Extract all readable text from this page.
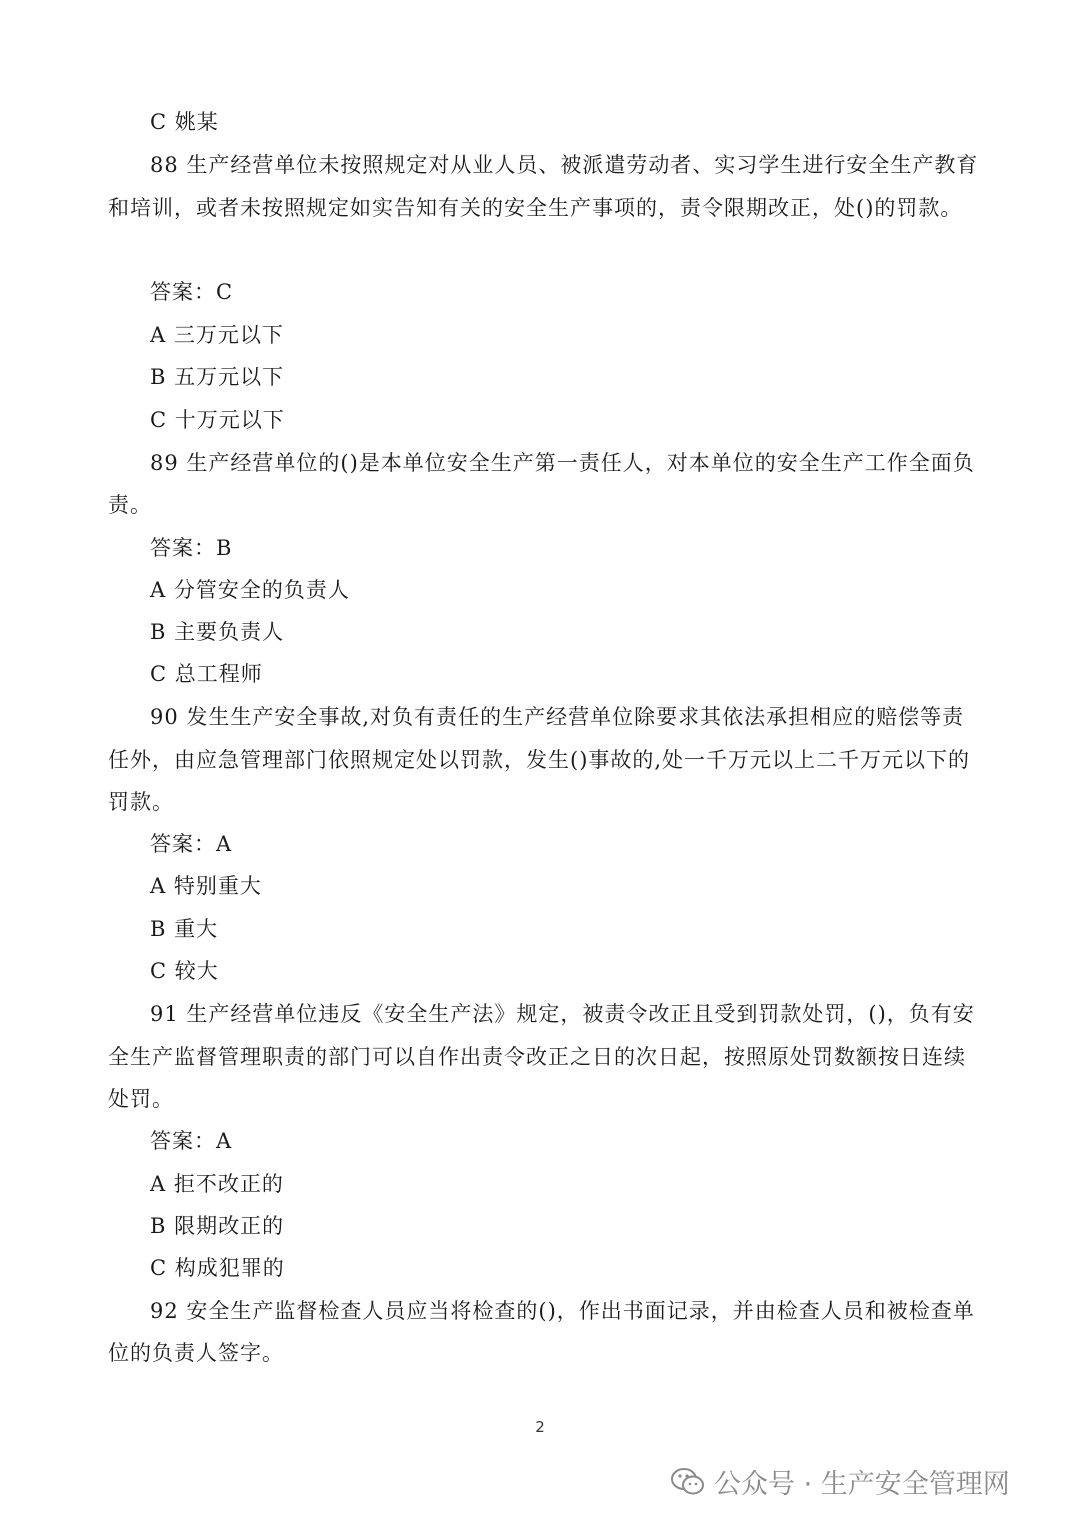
C 姚某
88 生产经营单位未按照规定对从业人员、被派遣劳动者、实习学生进行安全生产教育
和培训，或者未按照规定如实告知有关的安全生产事项的，责令限期改正，处()的罚款。
答案：C
A 三万元以下
B 五万元以下
C 十万元以下
89 生产经营单位的()是本单位安全生产第一责任人，对本单位的安全生产工作全面负
责。
答案：B
A 分管安全的负责人
B 主要负责人
C 总工程师
90 发生生产安全事故,对负有责任的生产经营单位除要求其依法承担相应的赔偿等责
任外，由应急管理部门依照规定处以罚款，发生()事故的,处一千万元以上二千万元以下的
罚款。
答案：A
A 特别重大
B 重大
C 较大
91 生产经营单位违反《安全生产法》规定，被责令改正且受到罚款处罚，()，负有安
全生产监督管理职责的部门可以自作出责令改正之日的次日起，按照原处罚数额按日连续
处罚。
答案：A
A 拒不改正的
B 限期改正的
C 构成犯罪的
92 安全生产监督检查人员应当将检查的()，作出书面记录，并由检查人员和被检查单
位的负责人签字。
2
公众号 · 生产安全管理网
